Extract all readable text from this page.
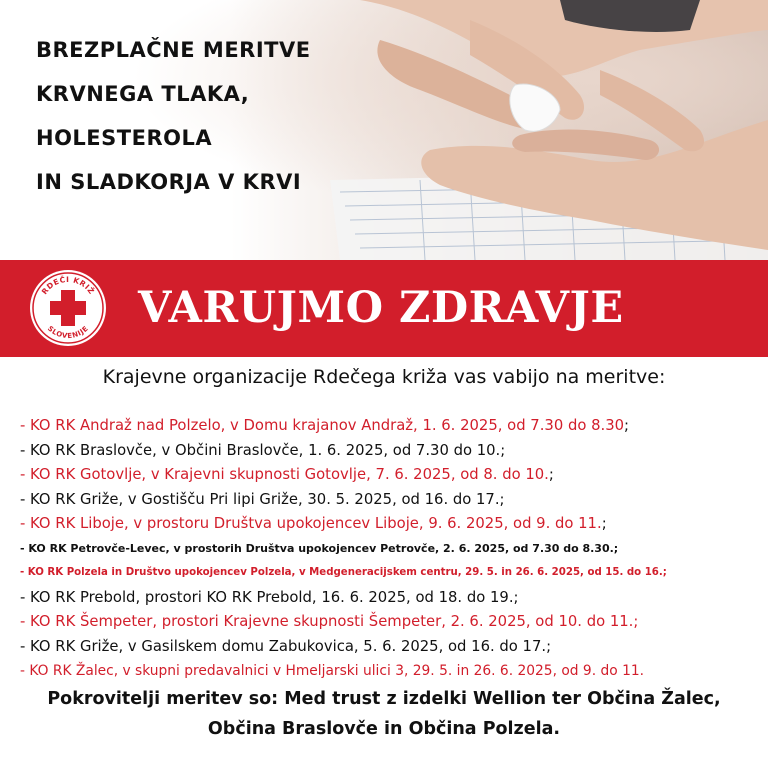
BREZPLAČNE MERITVE
KRVNEGA TLAKA,
HOLESTEROLA
IN SLADKORJA V KRVI
RDEČI KRIŽ
SLOVENIJE VARUJMO ZDRAVJE
Krajevne organizacije Rdečega križa vas vabijo na meritve:
- KO RK Andraž nad Polzelo, v Domu krajanov Andraž, 1. 6. 2025, od 7.30 do 8.30;
- KO RK Braslovče, v Občini Braslovče, 1. 6. 2025, od 7.30 do 10.;
- KO RK Gotovlje, v Krajevni skupnosti Gotovlje, 7. 6. 2025, od 8. do 10.;
- KO RK Griže, v Gostišču Pri lipi Griže, 30. 5. 2025, od 16. do 17.;
- KO RK Liboje, v prostoru Društva upokojencev Liboje, 9. 6. 2025, od 9. do 11.;
- KO RK Petrovče-Levec, v prostorih Društva upokojencev Petrovče, 2. 6. 2025, od 7.30 do 8.30.;
- KO RK Polzela in Društvo upokojencev Polzela, v Medgeneracijskem centru, 29. 5. in 26. 6. 2025, od 15. do 16.;
- KO RK Prebold, prostori KO RK Prebold, 16. 6. 2025, od 18. do 19.;
- KO RK Šempeter, prostori Krajevne skupnosti Šempeter, 2. 6. 2025, od 10. do 11.;
- KO RK Griže, v Gasilskem domu Zabukovica, 5. 6. 2025, od 16. do 17.;
- KO RK Žalec, v skupni predavalnici v Hmeljarski ulici 3, 29. 5. in 26. 6. 2025, od 9. do 11.
Pokrovitelji meritev so: Med trust z izdelki Wellion ter Občina Žalec,
Občina Braslovče in Občina Polzela.
